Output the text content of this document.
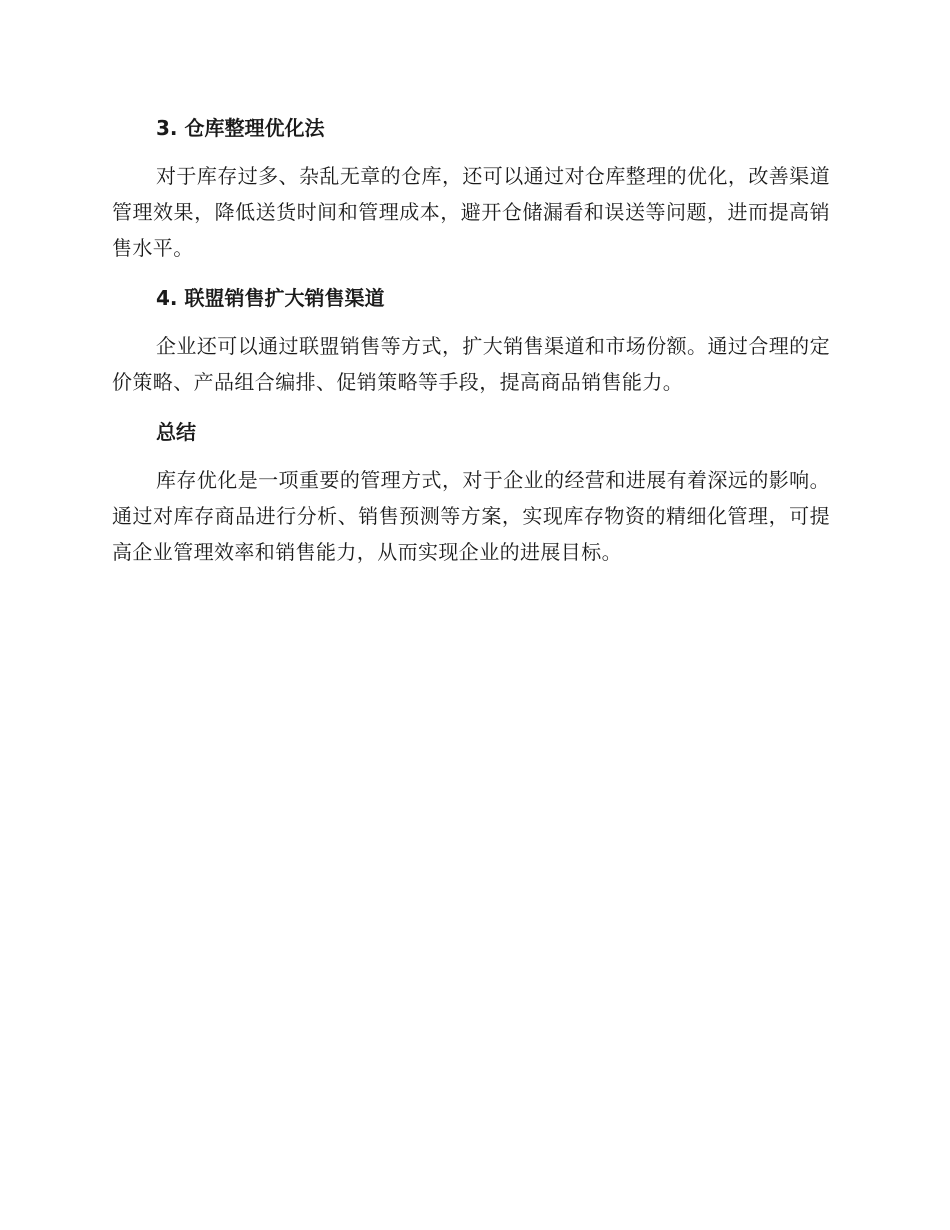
3. 仓库整理优化法

对于库存过多、杂乱无章的仓库，还可以通过对仓库整理的优化，改善渠道管理效果，降低送货时间和管理成本，避开仓储漏看和误送等问题，进而提高销售水平。

4. 联盟销售扩大销售渠道

企业还可以通过联盟销售等方式，扩大销售渠道和市场份额。通过合理的定价策略、产品组合编排、促销策略等手段，提高商品销售能力。

总结

库存优化是一项重要的管理方式，对于企业的经营和进展有着深远的影响。通过对库存商品进行分析、销售预测等方案，实现库存物资的精细化管理，可提高企业管理效率和销售能力，从而实现企业的进展目标。
